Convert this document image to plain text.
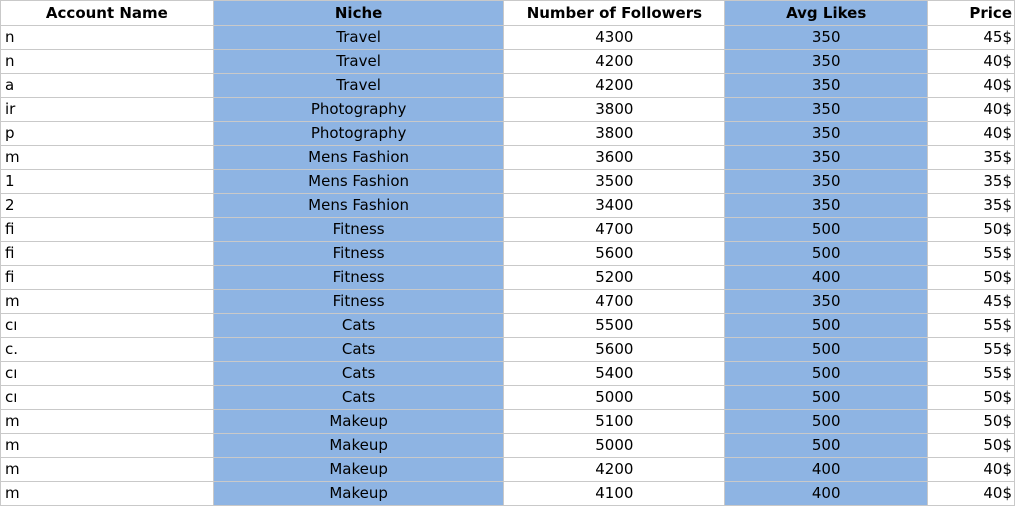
Account Name		Niche	Number of Followers	Avg Likes	Price
n		Travel	4300	350	45$
n		Travel	4200	350	40$
a		Travel	4200	350	40$
ir		Photography	3800	350	40$
p		Photography	3800	350	40$
m		Mens Fashion	3600	350	35$
1		Mens Fashion	3500	350	35$
2		Mens Fashion	3400	350	35$
fi		Fitness	4700	500	50$
fi		Fitness	5600	500	55$
fi		Fitness	5200	400	50$
m		Fitness	4700	350	45$
cı		Cats	5500	500	55$
c.		Cats	5600	500	55$
cı		Cats	5400	500	55$
cı		Cats	5000	500	50$
m		Makeup	5100	500	50$
m		Makeup	5000	500	50$
m		Makeup	4200	400	40$
m		Makeup	4100	400	40$
